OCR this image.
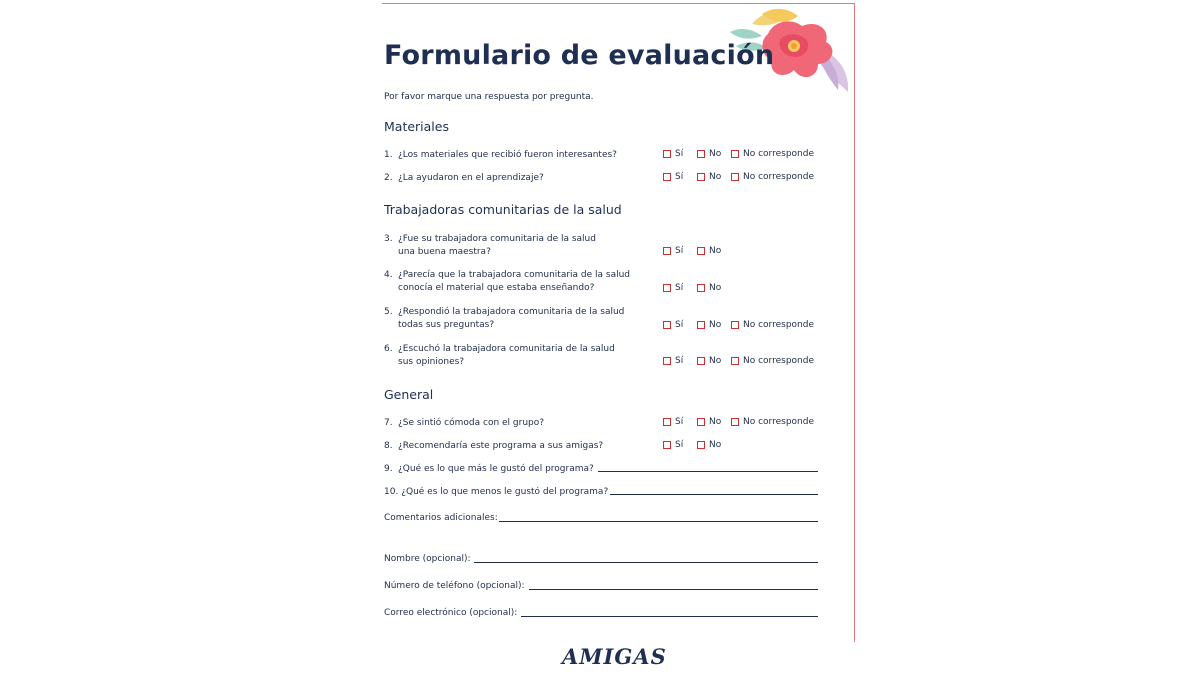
Formulario de evaluación
Por favor marque una respuesta por pregunta.
Materiales
1. ¿Los materiales que recibió fueron interesantes?	Sí	No No corresponde
2. ¿La ayudaron en el aprendizaje?	Sí	No No corresponde
Trabajadoras comunitarias de la salud
3. ¿Fue su trabajadora comunitaria de la salud
una buena maestra?	Sí	No
4. ¿Parecía que la trabajadora comunitaria de la salud
conocía el material que estaba enseñando?	Sí	No
5. ¿Respondió la trabajadora comunitaria de la salud
todas sus preguntas?	Sí	No No corresponde
6. ¿Escuchó la trabajadora comunitaria de la salud
sus opiniones?	Sí	No No corresponde
General
7. ¿Se sintió cómoda con el grupo?	Sí	No No corresponde
8. ¿Recomendaría este programa a sus amigas?	Sí	No
9. ¿Qué es lo que más le gustó del programa?
10. ¿Qué es lo que menos le gustó del programa?
Comentarios adicionales:
Nombre (opcional):
Número de teléfono (opcional):
Correo electrónico (opcional):
AMIGAS
